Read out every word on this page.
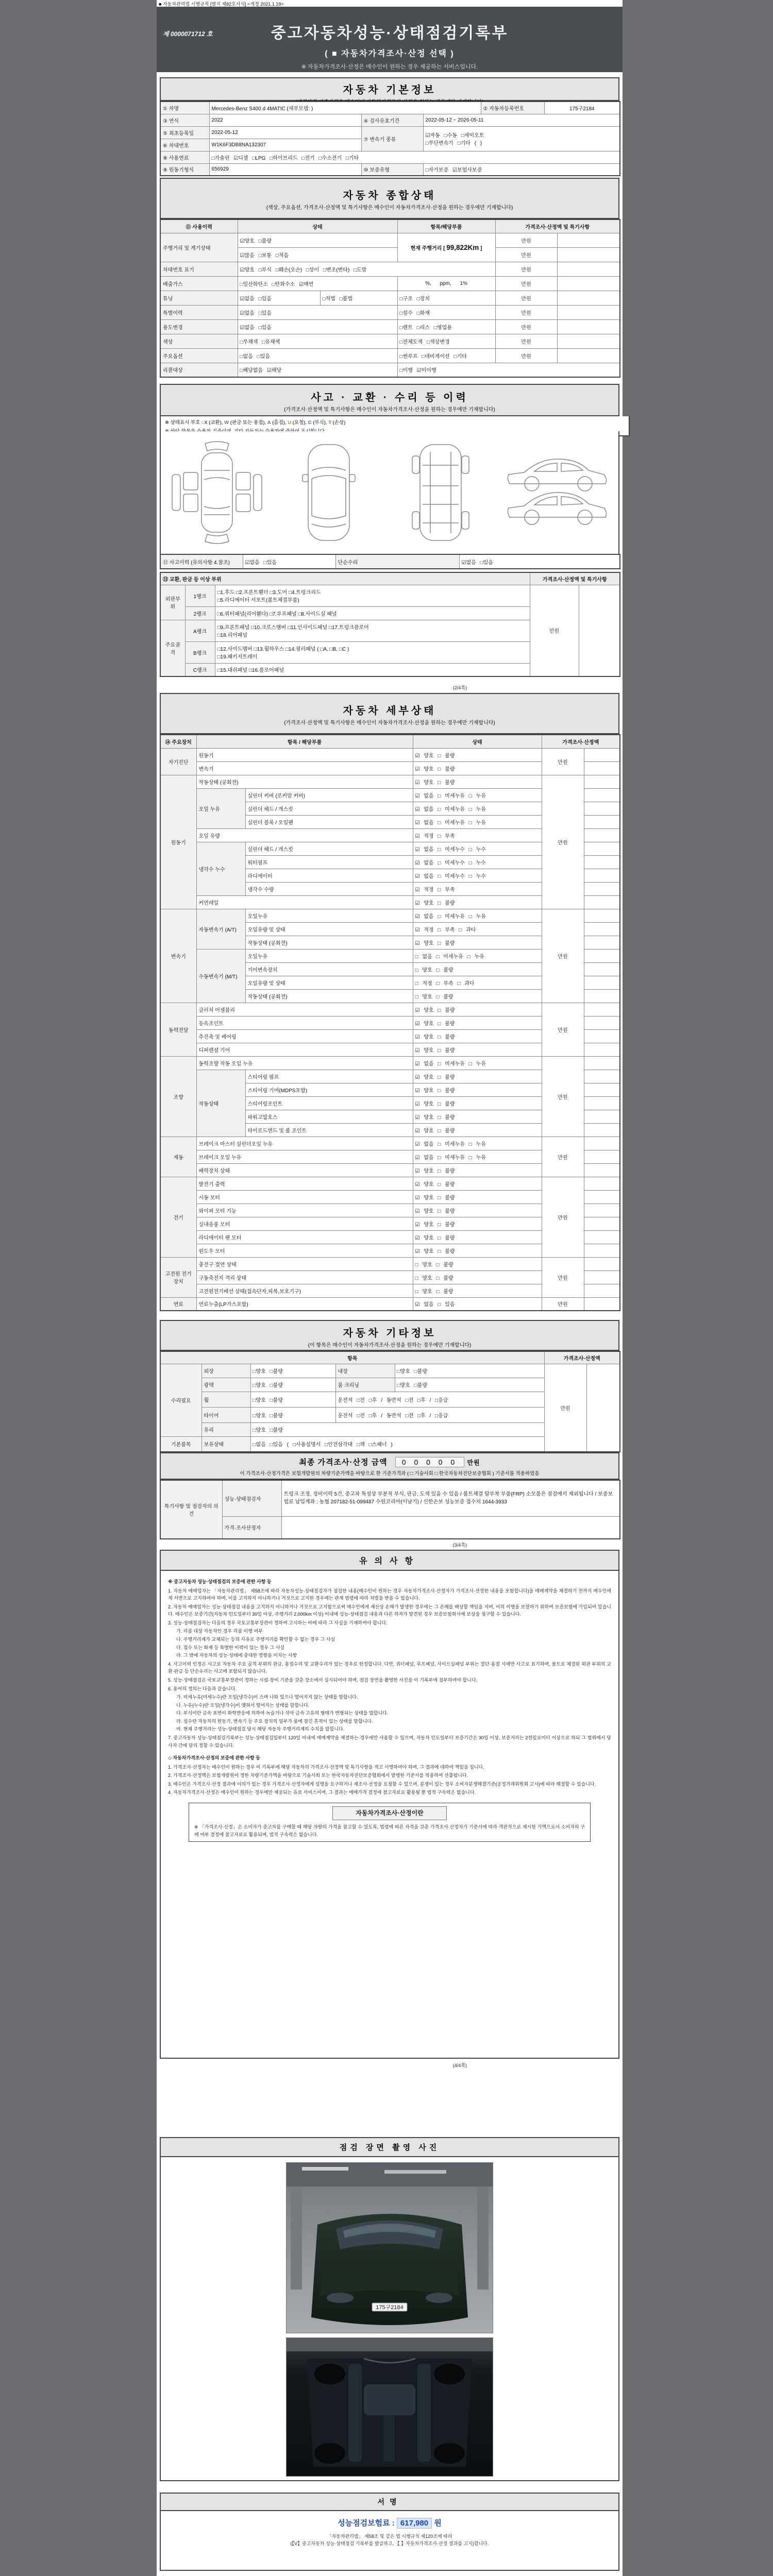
■ 자동차관리법 시행규칙 [별지 제82호서식] <개정 2021.1.19>
제 0000071712 호	중고자동차성능·상태점검기록부
( ■ 자동차가격조사·산정 선택 )
※ 자동차가격조사·산정은 매수인이 원하는 경우 제공하는 서비스입니다.
자동차 기본정보
① 차명	Mercedes-Benz S400 d 4MATIC (세부모델: )			② 자동차등록번호	175구2184
③ 연식	2022	④ 검사유효기간	2022-05-12 ~ 2026-05-11		
⑤ 최초등록일	2022-05-12	⑦ 변속기 종류	☑자동 □수동 □세미오토
□무단변속기 □기타 ( )		

⑥ 차대번호	W1K6F3DB8NA132307				
⑧ 사용연료	□가솔린 ☑디젤 □LPG □하이브리드 □전기 □수소전기 □기타				
⑨ 원동기형식	656929	⑩ 보증유형	□자가보증 ☑보험사보증		
자동차 종합상태
(색상, 주요옵션, 가격조사·산정액 및 특기사항은 매수인이 자동차가격조사·산정을 원하는 경우에만 기재합니다)
⑪ 사용이력	상태		항목/해당부품	가격조사·산정액 및 특기사항	
주행거리 및 계기상태	☑양호 □불량		현재 주행거리 [ 99,822Km ]	만원	
	☑많음 □보통 □적음			만원	
차대번호 표기	☑양호 □부식 □훼손(오손) □상이 □변조(변타) □도말			만원	
배출가스	□일산화탄소 □탄화수소 ☑매연		%,      ppm,      1%	만원	
튜닝	☑없음 □있음	□적법 □불법	□구조 □장치	만원	
특별이력	☑없음 □있음		□침수 □화재	만원	
용도변경	☑없음 □있음		□렌트 □리스 □영업용	만원	
색상	□무채색 □유채색		□전체도색 □색상변경	만원	
주요옵션	□없음 □있음		□썬루프 □네비게이션 □기타	만원	
리콜대상	□해당없음 ☑해당		□이행 ☑미이행		
사고 · 교환 · 수리 등 이력
(가격조사·산정액 및 특기사항은 매수인이 자동차가격조사·산정을 원하는 경우에만 기재합니다)
※ 상태표시 부호 : X (교환), W (판금 또는 용접), A (흠집), U (요철), C (부식), T (손상)
⑫ 사고이력 (유의사항 4.참조)	☑없음 □있음	단순수리	☑없음 □있음
⑬ 교환, 판금 등 이상 부위			가격조사·산정액 및 특기사항	
외판부위	1랭크	□1.후드 □2.프론트휀더 □3.도어 □4.트렁크리드
□5.라디에이터 서포트(볼트체결부품)	만원	
	2랭크	□6.쿼터패널(리어휀다) □7.루프패널 □8.사이드실 패널		
주요골격	A랭크	□9.프론트패널 □10.크로스멤버 □11.인사이드패널 □17.트렁크플로어
□18.리어패널		

	B랭크	□12.사이드멤버 □13.휠하우스 □14.필러패널 ( □A, □B, □C )
□19.패키지트레이		

	C랭크	□15.대쉬패널 □16.플로어패널		
(2/4쪽)
자동차 세부상태
(가격조사·산정액 및 특기사항은 매수인이 자동차가격조사·산정을 원하는 경우에만 기재합니다)
⑭ 주요장치	항목 / 해당부품		상태	가격조사·산정액	
자기진단	원동기		☑ 양호 □ 불량	만원	
	변속기		☑ 양호 □ 불량		
원동기	작동상태 (공회전)		☑ 양호 □ 불량	만원	
	오일 누유	실린더 커버 (로커암 커버)	☑ 없음 □ 미세누유 □ 누유		
		실린더 헤드 / 개스킷	☑ 없음 □ 미세누유 □ 누유		
		실린더 블록 / 오일팬	☑ 없음 □ 미세누유 □ 누유		
	오일 유량		☑ 적정 □ 부족		
	냉각수 누수	실린더 헤드 / 개스킷	☑ 없음 □ 미세누수 □ 누수		
		워터펌프	☑ 없음 □ 미세누수 □ 누수		
		라디에이터	☑ 없음 □ 미세누수 □ 누수		
		냉각수 수량	☑ 적정 □ 부족		
	커먼레일		☑ 양호 □ 불량		
변속기	자동변속기 (A/T)	오일누유	☑ 없음 □ 미세누유 □ 누유	만원	
		오일유량 및 상태	☑ 적정 □ 부족 □ 과다		
		작동상태 (공회전)	☑ 양호 □ 불량		
	수동변속기 (M/T)	오일누유	□ 없음 □ 미세누유 □ 누유		
		기어변속장치	□ 양호 □ 불량		
		오일유량 및 상태	□ 적정 □ 부족 □ 과다		
		작동상태 (공회전)	□ 양호 □ 불량		
동력전달	클러치 어셈블리		☑ 양호 □ 불량	만원	
	등속조인트		☑ 양호 □ 불량		
	추진축 및 베어링		☑ 양호 □ 불량		
	디퍼렌셜 기어		☑ 양호 □ 불량		
조향	동력조향 작동 오일 누유		☑ 없음 □ 미세누유 □ 누유	만원	
	작동상태	스티어링 펌프	☑ 양호 □ 불량		
		스티어링 기어(MDPS포함)	☑ 양호 □ 불량		
		스티어링조인트	☑ 양호 □ 불량		
		파워고압호스	☑ 양호 □ 불량		
		타이로드엔드 및 볼 조인트	☑ 양호 □ 불량		
제동	브레이크 마스터 실린더오일 누유		☑ 없음 □ 미세누유 □ 누유	만원	
	브레이크 오일 누유		☑ 없음 □ 미세누유 □ 누유		
	배력장치 상태		☑ 양호 □ 불량		
전기	발전기 출력		☑ 양호 □ 불량	만원	
	시동 모터		☑ 양호 □ 불량		
	와이퍼 모터 기능		☑ 양호 □ 불량		
	실내송풍 모터		☑ 양호 □ 불량		
	라디에이터 팬 모터		☑ 양호 □ 불량		
	윈도우 모터		☑ 양호 □ 불량		
고전원 전기장치	충전구 절연 상태		□ 양호 □ 불량	만원	
	구동축전지 격리 상태		□ 양호 □ 불량		
	고전원전기배선 상태(접속단자,피복,보호기구)		□ 양호 □ 불량		
연료	연료누출(LP가스포함)		☑ 없음 □ 있음	만원	
자동차 기타정보
(이 항목은 매수인이 자동차가격조사·산정을 원하는 경우에만 기재합니다)
항목					가격조사·산정액	
수리필요	외장	□양호 □불량	내장	□양호 □불량	만원	
	광택	□양호 □불량	룸 크리닝	□양호 □불량		
	휠	□양호 □불량	운전석 □전 □후 / 동반석 □전 □후 / □응급			
	타이어	□양호 □불량	운전석 □전 □후 / 동반석 □전 □후 / □응급			
	유리	□양호 □불량				
기본품목	보유상태	□없음 □있음 ( □사용설명서 □안전삼각대 □잭 □스패너 )				
최종 가격조사·산정 금액 0 0 0 0 0 만원
이 가격조사·산정가격은 보험개발원의 차량기준가액을 바탕으로 한 기준가격과 ( □ 기술사회 □ 한국자동차진단보증협회 ) 기준서를 적용하였음
특기사항 및 점검자의 의견	성능·상태점검자	트렁크 조정, 정비이력 5건, 중고차 특성상 부분적 부식, 판금, 도색 있을 수 있음 / 볼트체결 탈부착 부품(FRP) 소모품은 점검에서 제외됩니다 / 보증보험료 납입계좌 : 농협 207182-51-099487 수원코리아(이남기) / 신한손보 성능보증 접수처 1644-3933
	가격·조사산정자	
(3/4쪽)
유의사항
※ 중고자동차 성능·상태점검의 보증에 관한 사항 등
1. 자동차 매매업자는 「자동차관리법」 제58조에 따라 자동차성능·상태점검자가 점검한 내용(매수인이 원하는 경우 자동차가격조사·산정자가 가격조사·산정한 내용을 포함합니다)을 매매계약을 체결하기 전까지 매수인에게 서면으로 고지하여야 하며, 이를 고지하지 아니하거나 거짓으로 고지한 경우에는 관계 법령에 따라 처벌을 받을 수 있습니다.
2. 자동차 매매업자는 성능·상태점검 내용을 고지하지 아니하거나 거짓으로 고지함으로써 매수인에게 재산상 손해가 발생한 경우에는 그 손해를 배상할 책임을 지며, 이의 이행을 보장하기 위하여 보증보험에 가입되어 있습니다. 매수인은 보증기간(자동차 인도일부터 30일 이상, 주행거리 2,000km 이상) 이내에 성능·상태점검 내용과 다른 하자가 발견된 경우 보증보험회사에 보상을 청구할 수 있습니다.
3. 성능·상태점검자는 다음의 경우 국토교통부장관이 정하여 고시하는 바에 따라 그 사실을 기재하여야 합니다.
가. 리콜 대상 자동차인 경우 리콜 이행 여부
나. 주행거리계가 교체되는 등의 사유로 주행거리를 확인할 수 없는 경우 그 사실
다. 침수 또는 화재 등 특별한 이력이 있는 경우 그 사실
라. 그 밖에 자동차의 성능·상태에 중대한 영향을 미치는 사항
4. 사고이력 인정은 사고로 자동차 주요 골격 부위의 판금, 용접수리 및 교환수리가 있는 경우로 한정합니다. 다만, 쿼터패널, 루프패널, 사이드실패널 부위는 절단·용접 시에만 사고로 표기하며, 볼트로 체결된 외판 부위의 교환·판금 등 단순수리는 사고에 포함되지 않습니다.
5. 성능·상태점검은 국토교통부장관이 정하는 시설·장비 기준을 갖춘 장소에서 실시되어야 하며, 점검 장면을 촬영한 사진을 이 기록부에 첨부하여야 합니다.
6. 용어의 정의는 다음과 같습니다.
가. 미세누유(미세누수)란 오일(냉각수)이 스며 나와 있으나 떨어지지 않는 상태를 말합니다.
나. 누유(누수)란 오일(냉각수)이 맺혀서 떨어지는 상태를 말합니다.
다. 부식이란 금속 표면이 화학반응에 의하여 녹슬거나 삭아 금속 고유의 형태가 변형되는 상태를 말합니다.
라. 침수란 자동차의 원동기, 변속기 등 주요 장치의 일부가 물에 잠긴 흔적이 있는 상태를 말합니다.
마. 현재 주행거리는 성능·상태점검 당시 해당 자동차 주행거리계의 수치를 말합니다.
7. 중고자동차 성능·상태점검기록부는 성능·상태점검일부터 120일 이내에 매매계약을 체결하는 경우에만 사용할 수 있으며, 자동차 인도일부터 보증기간은 30일 이상, 보증거리는 2천킬로미터 이상으로 하되 그 범위에서 당사자 간에 달리 정할 수 있습니다.
◇ 자동차가격조사·산정의 보증에 관한 사항 등
1. 가격조사·산정자는 매수인이 원하는 경우 이 기록부에 해당 자동차의 가격조사·산정액 및 특기사항을 적고 서명하여야 하며, 그 결과에 대하여 책임을 집니다.
2. 가격조사·산정액은 보험개발원이 정한 차량기준가액을 바탕으로 기술사회 또는 한국자동차진단보증협회에서 발행한 기준서를 적용하여 산출됩니다.
3. 매수인은 가격조사·산정 결과에 이의가 있는 경우 가격조사·산정자에게 설명을 요구하거나 재조사·산정을 요청할 수 있으며, 분쟁이 있는 경우 소비자분쟁해결기준(공정거래위원회 고시)에 따라 해결할 수 있습니다.
4. 자동차가격조사·산정은 매수인이 원하는 경우에만 제공되는 유료 서비스이며, 그 결과는 매매가격 결정에 참고자료로 활용될 뿐 법적 구속력은 없습니다.
자동차가격조사·산정이란
※ 「가격조사·산정」은 소비자가 중고차를 구매할 때 해당 차량의 가격을 참고할 수 있도록, 법령에 따른 자격을 갖춘 가격조사·산정자가 기준서에 따라 객관적으로 제시한 가액으로서 소비자의 구매 여부 결정에 참고자료로 활용되며, 법적 구속력은 없습니다.
(4/4쪽)
점검 장면 촬영 사진
175구2184
서명
성능점검보험료 : 617,980 원
「자동차관리법」 제58조 및 같은 법 시행규칙 제120조에 따라
(【V】중고자동차 성능·상태점검 기록부를 발급하고, 【 】자동차가격조사·산정 결과를 고지)합니다.
